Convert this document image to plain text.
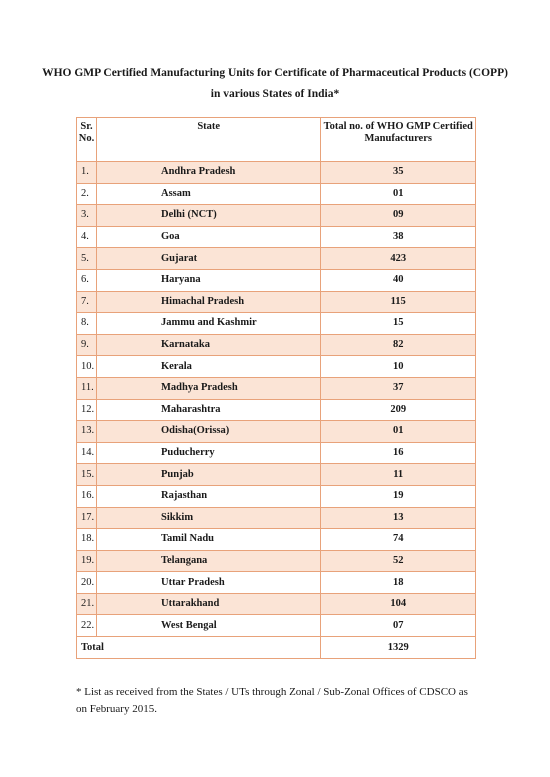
WHO GMP Certified Manufacturing Units for Certificate of Pharmaceutical Products (COPP)
in various States of India*
Sr. No.	State	Total no. of WHO GMP Certified Manufacturers
1.	Andhra Pradesh	35
2.	Assam	01
3.	Delhi (NCT)	09
4.	Goa	38
5.	Gujarat	423
6.	Haryana	40
7.	Himachal Pradesh	115
8.	Jammu and Kashmir	15
9.	Karnataka	82
10.	Kerala	10
11.	Madhya Pradesh	37
12.	Maharashtra	209
13.	Odisha(Orissa)	01
14.	Puducherry	16
15.	Punjab	11
16.	Rajasthan	19
17.	Sikkim	13
18.	Tamil Nadu	74
19.	Telangana	52
20.	Uttar Pradesh	18
21.	Uttarakhand	104
22.	West Bengal	07
Total		1329
* List as received from the States / UTs through Zonal / Sub-Zonal Offices of CDSCO as on February 2015.
